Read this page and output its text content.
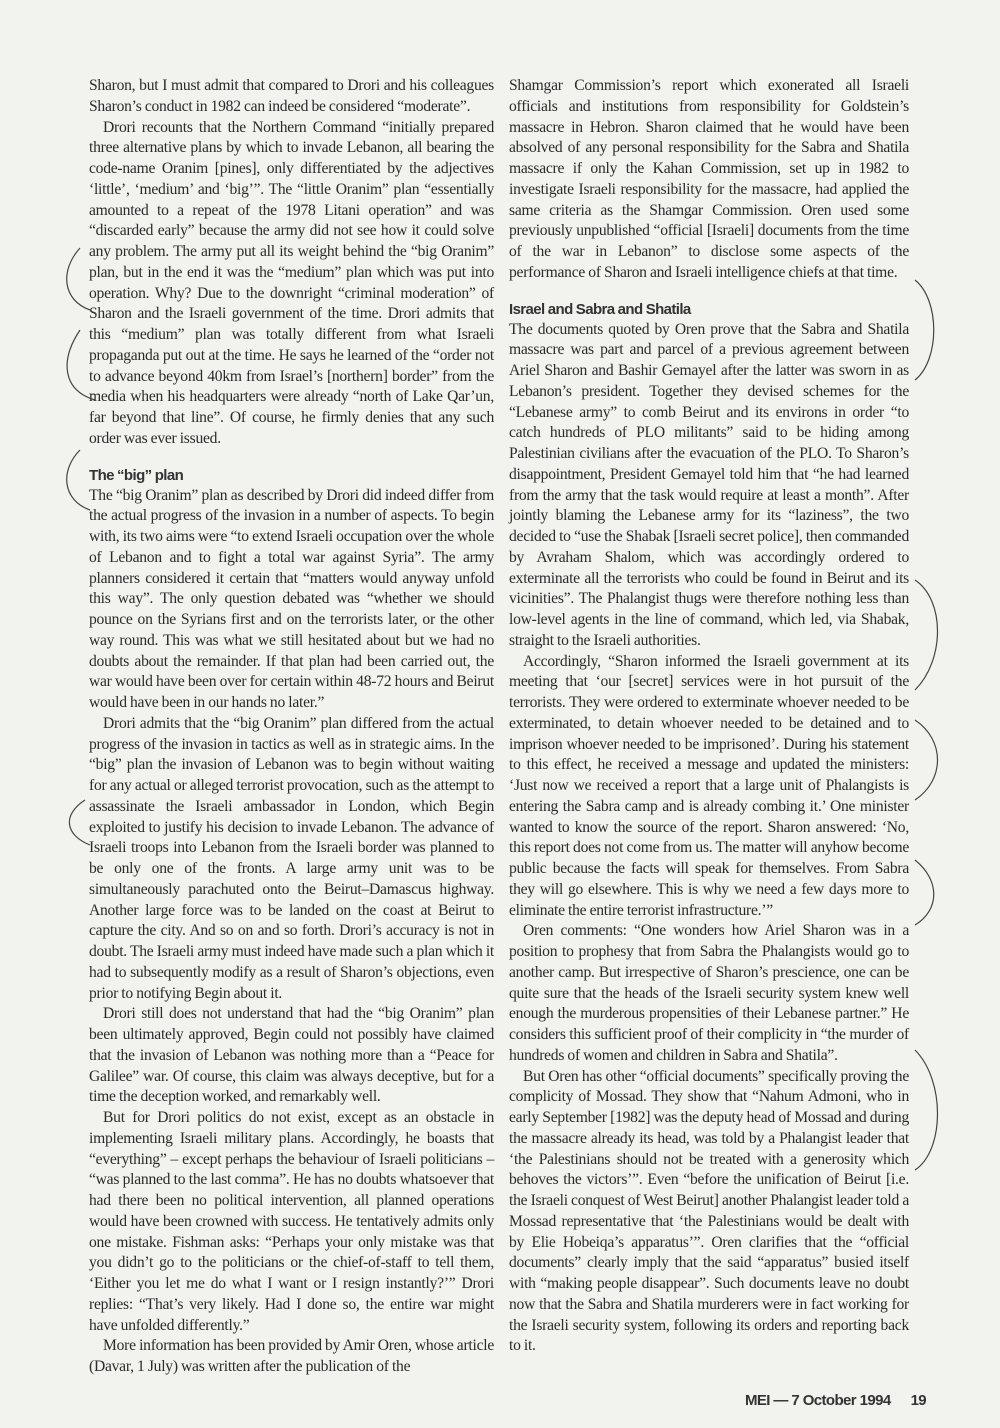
Sharon, but I must admit that compared to Drori and his colleagues Sharon’s conduct in 1982 can indeed be considered “moderate”.

Drori recounts that the Northern Command “initially prepared three alternative plans by which to invade Lebanon, all bearing the code-name Oranim [pines], only differentiated by the adjectives ‘little’, ‘medium’ and ‘big’”. The “little Oranim” plan “essentially amounted to a repeat of the 1978 Litani operation” and was “discarded early” because the army did not see how it could solve any problem. The army put all its weight behind the “big Oranim” plan, but in the end it was the “medium” plan which was put into operation. Why? Due to the downright “criminal moderation” of Sharon and the Israeli government of the time. Drori admits that this “medium” plan was totally different from what Israeli propaganda put out at the time. He says he learned of the “order not to advance beyond 40km from Israel’s [northern] border” from the media when his headquarters were already “north of Lake Qar’un, far beyond that line”. Of course, he firmly denies that any such order was ever issued.

The “big” plan

The “big Oranim” plan as described by Drori did indeed differ from the actual progress of the invasion in a number of aspects. To begin with, its two aims were “to extend Israeli occupation over the whole of Lebanon and to fight a total war against Syria”. The army planners considered it certain that “matters would anyway unfold this way”. The only question debated was “whether we should pounce on the Syrians first and on the terrorists later, or the other way round. This was what we still hesitated about but we had no doubts about the remainder. If that plan had been carried out, the war would have been over for certain within 48-72 hours and Beirut would have been in our hands no later.”

Drori admits that the “big Oranim” plan differed from the actual progress of the invasion in tactics as well as in strategic aims. In the “big” plan the invasion of Lebanon was to begin without waiting for any actual or alleged terrorist provocation, such as the attempt to assassinate the Israeli ambassador in London, which Begin exploited to justify his decision to invade Lebanon. The advance of Israeli troops into Lebanon from the Israeli border was planned to be only one of the fronts. A large army unit was to be simultaneously parachuted onto the Beirut–Damascus highway. Another large force was to be landed on the coast at Beirut to capture the city. And so on and so forth. Drori’s accuracy is not in doubt. The Israeli army must indeed have made such a plan which it had to subsequently modify as a result of Sharon’s objections, even prior to notifying Begin about it.

Drori still does not understand that had the “big Oranim” plan been ultimately approved, Begin could not possibly have claimed that the invasion of Lebanon was nothing more than a “Peace for Galilee” war. Of course, this claim was always deceptive, but for a time the deception worked, and remarkably well.

But for Drori politics do not exist, except as an obstacle in implementing Israeli military plans. Accordingly, he boasts that “everything” – except perhaps the behaviour of Israeli politicians – “was planned to the last comma”. He has no doubts whatsoever that had there been no political intervention, all planned operations would have been crowned with success. He tentatively admits only one mistake. Fishman asks: “Perhaps your only mistake was that you didn’t go to the politicians or the chief-of-staff to tell them, ‘Either you let me do what I want or I resign instantly?’” Drori replies: “That’s very likely. Had I done so, the entire war might have unfolded differently.”

More information has been provided by Amir Oren, whose article (Davar, 1 July) was written after the publication of the

Shamgar Commission’s report which exonerated all Israeli officials and institutions from responsibility for Goldstein’s massacre in Hebron. Sharon claimed that he would have been absolved of any personal responsibility for the Sabra and Shatila massacre if only the Kahan Commission, set up in 1982 to investigate Israeli responsibility for the massacre, had applied the same criteria as the Shamgar Commission. Oren used some previously unpublished “official [Israeli] documents from the time of the war in Lebanon” to disclose some aspects of the performance of Sharon and Israeli intelligence chiefs at that time.

Israel and Sabra and Shatila

The documents quoted by Oren prove that the Sabra and Shatila massacre was part and parcel of a previous agreement between Ariel Sharon and Bashir Gemayel after the latter was sworn in as Lebanon’s president. Together they devised schemes for the “Lebanese army” to comb Beirut and its environs in order “to catch hundreds of PLO militants” said to be hiding among Palestinian civilians after the evacuation of the PLO. To Sharon’s disappointment, President Gemayel told him that “he had learned from the army that the task would require at least a month”. After jointly blaming the Lebanese army for its “laziness”, the two decided to “use the Shabak [Israeli secret police], then commanded by Avraham Shalom, which was accordingly ordered to exterminate all the terrorists who could be found in Beirut and its vicinities”. The Phalangist thugs were therefore nothing less than low-level agents in the line of command, which led, via Shabak, straight to the Israeli authorities.

Accordingly, “Sharon informed the Israeli government at its meeting that ‘our [secret] services were in hot pursuit of the terrorists. They were ordered to exterminate whoever needed to be exterminated, to detain whoever needed to be detained and to imprison whoever needed to be imprisoned’. During his statement to this effect, he received a message and updated the ministers: ‘Just now we received a report that a large unit of Phalangists is entering the Sabra camp and is already combing it.’ One minister wanted to know the source of the report. Sharon answered: ‘No, this report does not come from us. The matter will anyhow become public because the facts will speak for themselves. From Sabra they will go elsewhere. This is why we need a few days more to eliminate the entire terrorist infrastructure.’”

Oren comments: “One wonders how Ariel Sharon was in a position to prophesy that from Sabra the Phalangists would go to another camp. But irrespective of Sharon’s prescience, one can be quite sure that the heads of the Israeli security system knew well enough the murderous propensities of their Lebanese partner.” He considers this sufficient proof of their complicity in “the murder of hundreds of women and children in Sabra and Shatila”.

But Oren has other “official documents” specifically proving the complicity of Mossad. They show that “Nahum Admoni, who in early September [1982] was the deputy head of Mossad and during the massacre already its head, was told by a Phalangist leader that ‘the Palestinians should not be treated with a generosity which behoves the victors’”. Even “before the unification of Beirut [i.e. the Israeli conquest of West Beirut] another Phalangist leader told a Mossad representative that ‘the Palestinians would be dealt with by Elie Hobeiqa’s apparatus’”. Oren clarifies that the “official documents” clearly imply that the said “apparatus” busied itself with “making people disappear”. Such documents leave no doubt now that the Sabra and Shatila murderers were in fact working for the Israeli security system, following its orders and reporting back to it.

MEI — 7 October 1994 19
